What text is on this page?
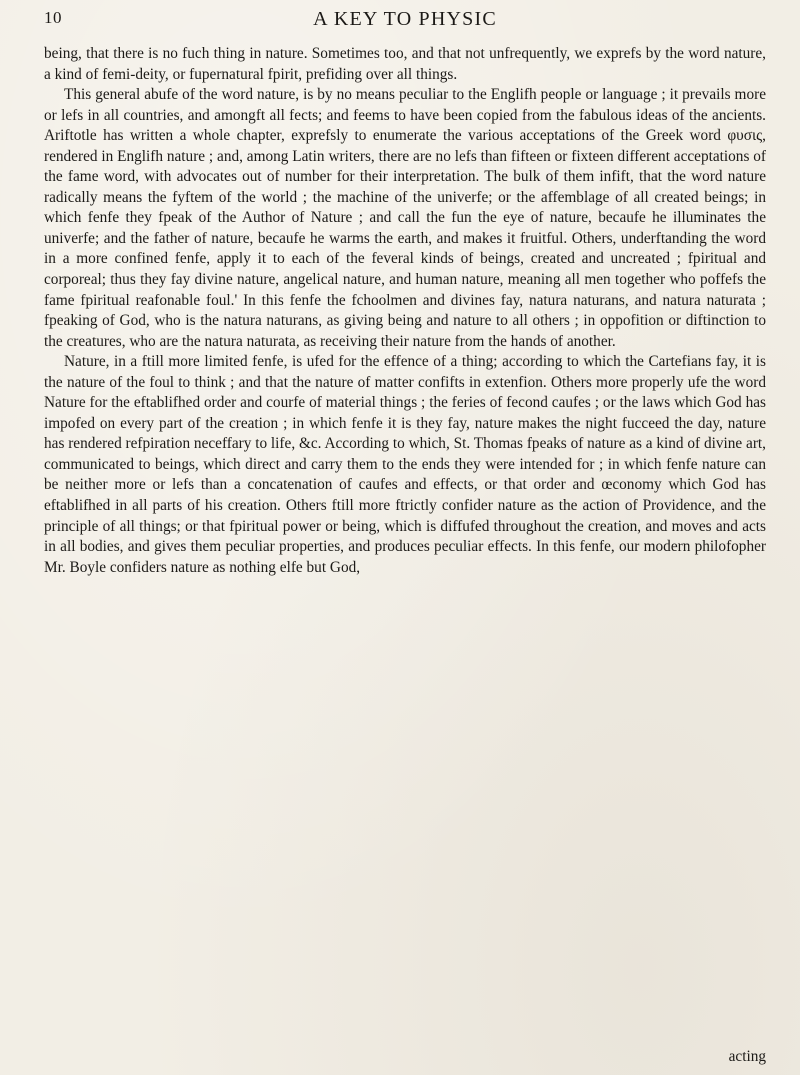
10	A KEY TO PHYSIC

being, that there is no fuch thing in nature. Sometimes too, and that not unfrequently, we exprefs by the word nature, a kind of femi-deity, or fupernatural fpirit, prefiding over all things.

This general abufe of the word nature, is by no means peculiar to the Englifh people or language ; it prevails more or lefs in all countries, and amongft all fects; and feems to have been copied from the fabulous ideas of the ancients. Ariftotle has written a whole chapter, exprefsly to enumerate the various acceptations of the Greek word φυσις, rendered in Englifh nature ; and, among Latin writers, there are no lefs than fifteen or fixteen different acceptations of the fame word, with advocates out of number for their interpretation. The bulk of them infift, that the word nature radically means the fyftem of the world ; the machine of the univerfe; or the affemblage of all created beings; in which fenfe they fpeak of the Author of Nature ; and call the fun the eye of nature, becaufe he illuminates the univerfe; and the father of nature, becaufe he warms the earth, and makes it fruitful. Others, underftanding the word in a more confined fenfe, apply it to each of the feveral kinds of beings, created and uncreated ; fpiritual and corporeal; thus they fay divine nature, angelical nature, and human nature, meaning all men together who poffefs the fame fpiritual reafonable foul.' In this fenfe the fchoolmen and divines fay, natura naturans, and natura naturata ; fpeaking of God, who is the natura naturans, as giving being and nature to all others ; in oppofition or diftinction to the creatures, who are the natura naturata, as receiving their nature from the hands of another.

Nature, in a ftill more limited fenfe, is ufed for the effence of a thing; according to which the Cartefians fay, it is the nature of the foul to think ; and that the nature of matter confifts in extenfion. Others more properly ufe the word Nature for the eftablifhed order and courfe of material things ; the feries of fecond caufes ; or the laws which God has impofed on every part of the creation ; in which fenfe it is they fay, nature makes the night fucceed the day, nature has rendered refpiration neceffary to life, &c. According to which, St. Thomas fpeaks of nature as a kind of divine art, communicated to beings, which direct and carry them to the ends they were intended for ; in which fenfe nature can be neither more or lefs than a concatenation of caufes and effects, or that order and œconomy which God has eftablifhed in all parts of his creation. Others ftill more ftrictly confider nature as the action of Providence, and the principle of all things; or that fpiritual power or being, which is diffufed throughout the creation, and moves and acts in all bodies, and gives them peculiar properties, and produces peculiar effects. In this fenfe, our modern philofopher Mr. Boyle confiders nature as nothing elfe but God,

acting
